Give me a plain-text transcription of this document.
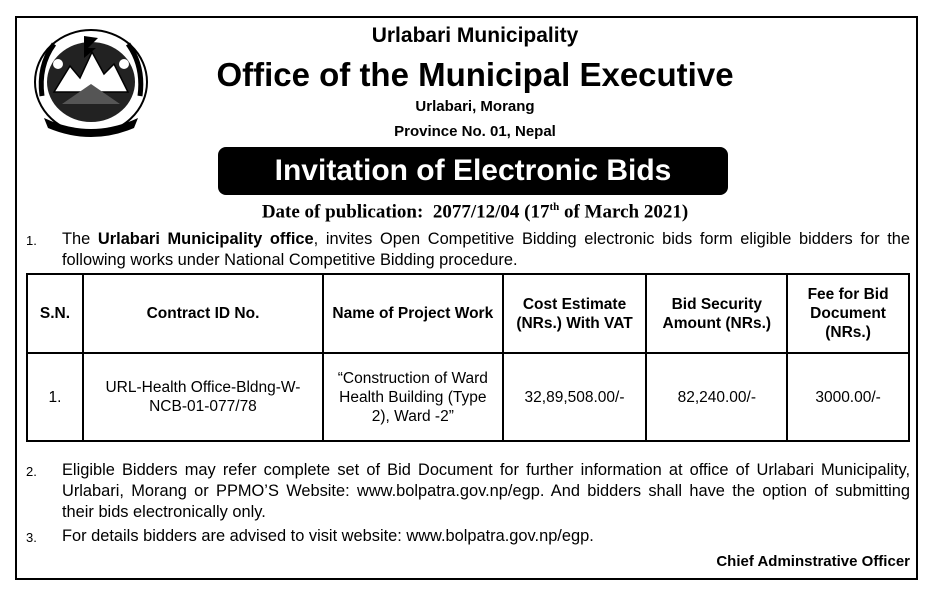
Urlabari Municipality
Office of the Municipal Executive
Urlabari, Morang
Province No. 01, Nepal
Invitation of Electronic Bids
Date of publication: 2077/12/04 (17th of March 2021)
1. The Urlabari Municipality office, invites Open Competitive Bidding electronic bids form eligible bidders for the following works under National Competitive Bidding procedure.
S.N.	Contract ID No.	Name of Project Work	Cost Estimate (NRs.) With VAT	Bid Security Amount (NRs.)	Fee for Bid Document (NRs.)
1.	URL-Health Office-Bldng-W-NCB-01-077/78	“Construction of Ward Health Building (Type 2), Ward -2”	32,89,508.00/-	82,240.00/-	3000.00/-
2. Eligible Bidders may refer complete set of Bid Document for further information at office of Urlabari Municipality, Urlabari, Morang or PPMO’S Website: www.bolpatra.gov.np/egp. And bidders shall have the option of submitting their bids electronically only.
3. For details bidders are advised to visit website: www.bolpatra.gov.np/egp.
Chief Adminstrative Officer
